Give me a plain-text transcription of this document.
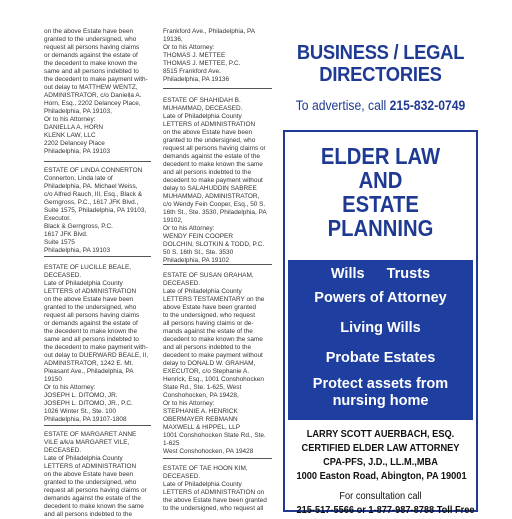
on the above Estate have been
granted to the undersigned, who
request all persons having claims
or demands against the estate of
the decedent to make known the
same and all persons indebted to
the decedent to make payment with-
out delay to MATTHEW WENTZ,
ADMINISTRATOR, c/o Daniella A.
Horn, Esq., 2202 Delancey Place,
Philadelphia, PA 19103,
Or to his Attorney:
DANIELLA A. HORN
KLENK LAW, LLC
2202 Delancey Place
Philadelphia, PA 19103
ESTATE OF LINDA CONNERTON
Connerton, Linda late of
Philadelphia, PA. Michael Weiss,
c/o Alfred Rauch, III, Esq., Black &
Gerngross, P.C., 1617 JFK Blvd.,
Suite 1575, Philadelphia, PA 19103,
Executor.
Black & Gerngross, P.C.
1617 JFK Blvd.
Suite 1575
Philadelphia, PA 19103
ESTATE OF LUCILLE BEALE,
DECEASED.
Late of Philadelphia County
LETTERS of ADMINISTRATION
on the above Estate have been
granted to the undersigned, who
request all persons having claims
or demands against the estate of
the decedent to make known the
same and all persons indebted to
the decedent to make payment with-
out delay to DUERWARD BEALE, II,
ADMINISTRATOR, 1242 E. Mt.
Pleasant Ave., Philadelphia, PA
19150
Or to his Attorney:
JOSEPH L. DITOMO, JR.
JOSEPH L. DITOMO, JR., P.C.
1026 Winter St., Ste. 100
Philadelphia, PA 19107-1808
ESTATE OF MARGARET ANNE
VILE a/k/a MARGARET VILE,
DECEASED.
Late of Philadelphia County
LETTERS of ADMINISTRATION
on the above Estate have been
granted to the undersigned, who
request all persons having claims or
demands against the estate of the
decedent to make known the same
and all persons indebted to the
Frankford Ave., Philadelphia, PA
19136,
Or to his Attorney:
THOMAS J. METTEE
THOMAS J. METTEE, P.C.
8515 Frankford Ave.
Philadelphia, PA 19136
ESTATE OF SHAHIDAH B.
MUHAMMAD, DECEASED.
Late of Philadelphia County
LETTERS of ADMINISTRATION
on the above Estate have been
granted to the undersigned, who
request all persons having claims or
demands against the estate of the
decedent to make known the same
and all persons indebted to the
decedent to make payment without
delay to SALAHUDDIN SABREE
MUHAMMAD, ADMINISTRATOR,
c/o Wendy Fein Cooper, Esq., 50 S.
16th St., Ste. 3530, Philadelphia, PA
19102,
Or to his Attorney:
WENDY FEIN COOPER
DOLCHIN, SLOTKIN & TODD, P.C.
50 S. 16th St., Ste. 3530
Philadelphia, PA 19102
ESTATE OF SUSAN GRAHAM,
DECEASED.
Late of Philadelphia County
LETTERS TESTAMENTARY on the
above Estate have been granted
to the undersigned, who request
all persons having claims or de-
mands against the estate of the
decedent to make known the same
and all persons indebted to the
decedent to make payment without
delay to DONALD W. GRAHAM,
EXECUTOR, c/o Stephanie A.
Henrick, Esq., 1001 Conshohocken
State Rd., Ste. 1-625, West
Conshohocken, PA 19428,
Or to his Attorney:
STEPHANIE A. HENRICK
OBERMAYER REBMANN
MAXWELL & HIPPEL, LLP
1001 Conshohocken State Rd., Ste.
1-625
West Conshohocken, PA 19428
ESTATE OF TAE HOON KIM,
DECEASED.
Late of Philadelphia County
LETTERS of ADMINISTRATION on
the above Estate have been granted
to the undersigned, who request all
BUSINESS / LEGAL
DIRECTORIES
To advertise, call 215-832-0749
ELDER LAW
AND
ESTATE
PLANNING
Wills Trusts
Powers of Attorney
Living Wills
Probate Estates
Protect assets from nursing home
LARRY SCOTT AUERBACH, ESQ.
CERTIFIED ELDER LAW ATTORNEY
CPA-PFS, J.D., LL.M.,MBA
1000 Easton Road, Abington, PA 19001
For consultation call
215-517-5566 or 1-877-987-8788 Toll Free
